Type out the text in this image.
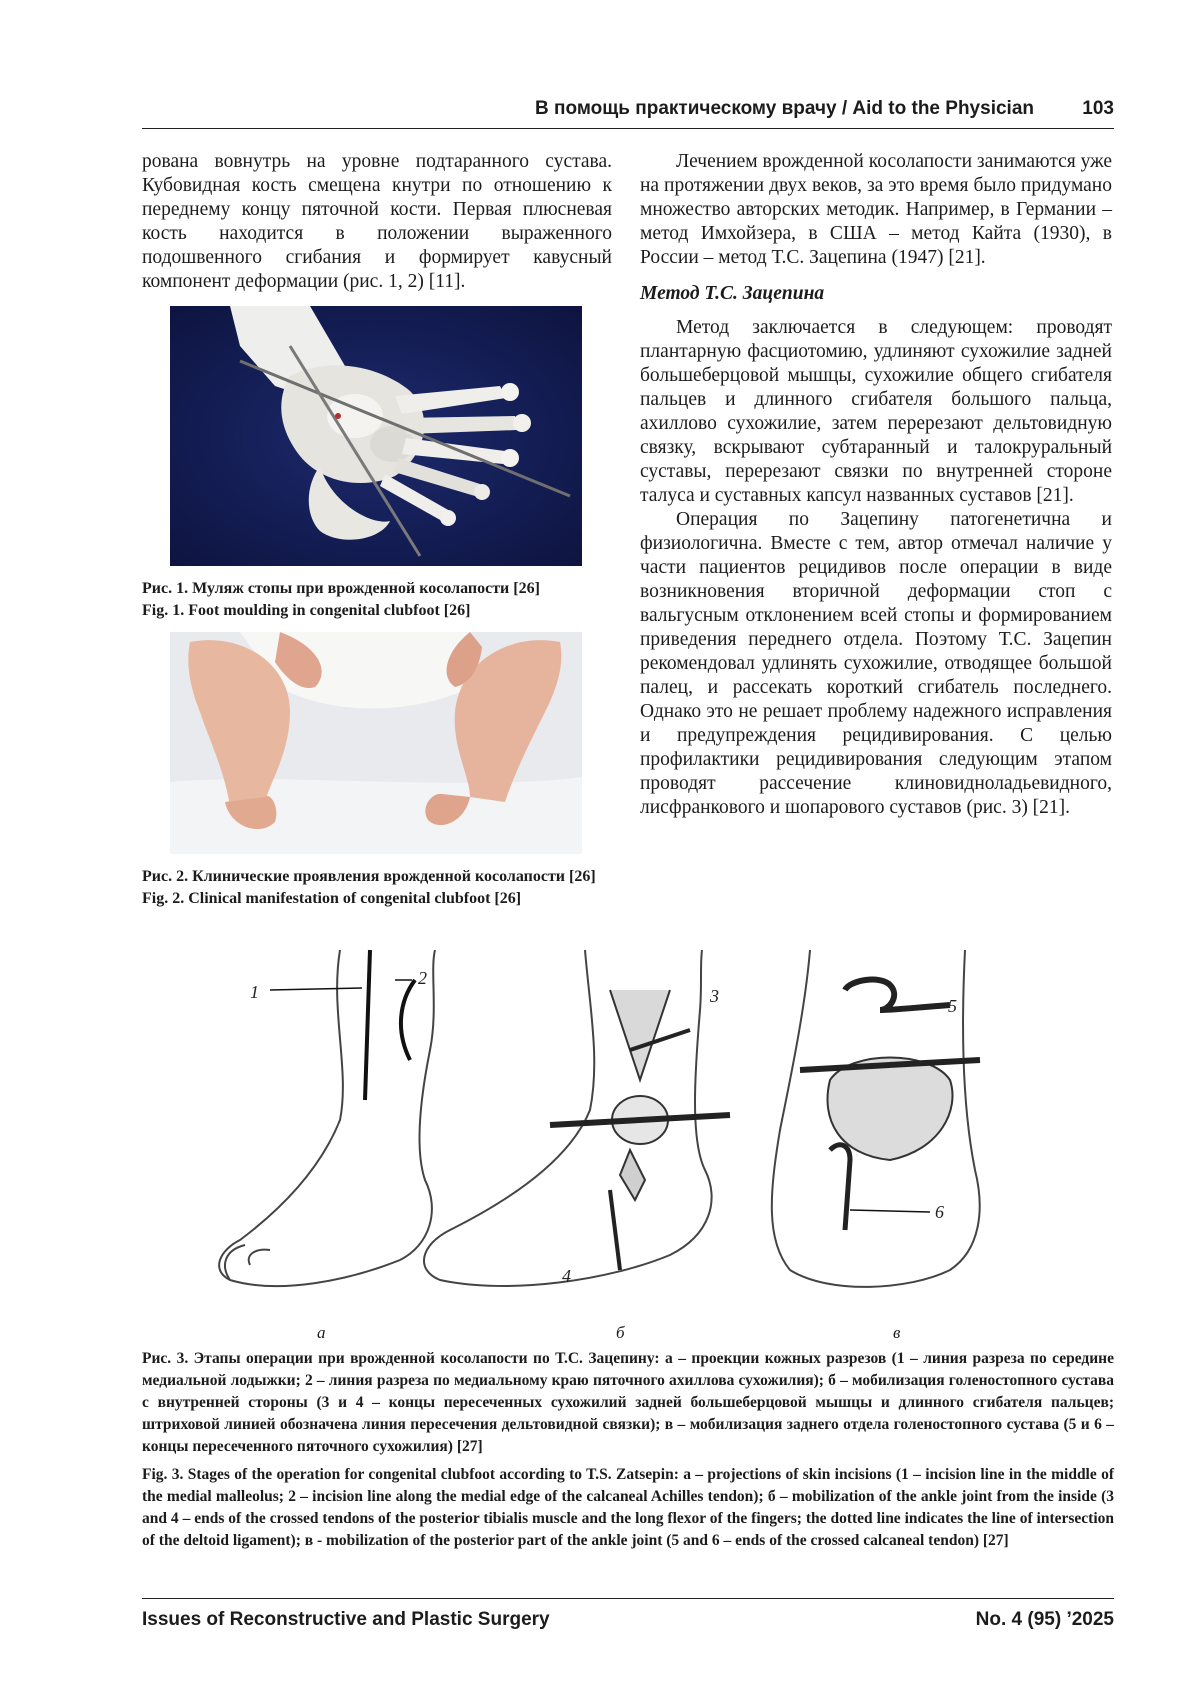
В помощь практическому врачу / Aid to the Physician	103

рована вовнутрь на уровне подтаранного сустава. Кубовидная кость смещена кнутри по отношению к переднему концу пяточной кости. Первая плюсневая кость находится в положении выраженного подошвенного сгибания и формирует кавусный компонент деформации (рис. 1, 2) [11].

Рис. 1. Муляж стопы при врожденной косолапости [26]
Fig. 1. Foot moulding in congenital clubfoot [26]
Рис. 2. Клинические проявления врожденной косолапости [26]
Fig. 2. Clinical manifestation of congenital clubfoot [26]

Лечением врожденной косолапости занимаются уже на протяжении двух веков, за это время было придумано множество авторских методик. Например, в Германии – метод Имхойзера, в США – метод Кайта (1930), в России – метод Т.С. Зацепина (1947) [21].

Метод Т.С. Зацепина

Метод заключается в следующем: проводят плантарную фасциотомию, удлиняют сухожилие задней большеберцовой мышцы, сухожилие общего сгибателя пальцев и длинного сгибателя большого пальца, ахиллово сухожилие, затем перерезают дельтовидную связку, вскрывают субтаранный и талокруральный суставы, перерезают связки по внутренней стороне талуса и суставных капсул названных суставов [21].

Операция по Зацепину патогенетична и физиологична. Вместе с тем, автор отмечал наличие у части пациентов рецидивов после операции в виде возникновения вторичной деформации стоп с вальгусным отклонением всей стопы и формированием приведения переднего отдела. Поэтому Т.С. Зацепин рекомендовал удлинять сухожилие, отводящее большой палец, и рассекать короткий сгибатель последнего. Однако это не решает проблему надежного исправления и предупреждения рецидивирования. С целью профилактики рецидивирования следующим этапом проводят рассечение клиновидноладьевидного, лисфранкового и шопарового суставов (рис. 3) [21].

1
2
3
4
5
6
а	б	в
Рис. 3. Этапы операции при врожденной косолапости по Т.С. Зацепину: а – проекции кожных разрезов (1 – линия разреза по середине медиальной лодыжки; 2 – линия разреза по медиальному краю пяточного ахиллова сухожилия); б – мобилизация голеностопного сустава с внутренней стороны (3 и 4 – концы пересеченных сухожилий задней большеберцовой мышцы и длинного сгибателя пальцев; штриховой линией обозначена линия пересечения дельтовидной связки); в – мобилизация заднего отдела голеностопного сустава (5 и 6 – концы пересеченного пяточного сухожилия) [27]
Fig. 3. Stages of the operation for congenital clubfoot according to T.S. Zatsepin: а – projections of skin incisions (1 – incision line in the middle of the medial malleolus; 2 – incision line along the medial edge of the calcaneal Achilles tendon); б – mobilization of the ankle joint from the inside (3 and 4 – ends of the crossed tendons of the posterior tibialis muscle and the long flexor of the fingers; the dotted line indicates the line of intersection of the deltoid ligament); в - mobilization of the posterior part of the ankle joint (5 and 6 – ends of the crossed calcaneal tendon) [27]
Issues of Reconstructive and Plastic Surgery	No. 4 (95) ’2025
